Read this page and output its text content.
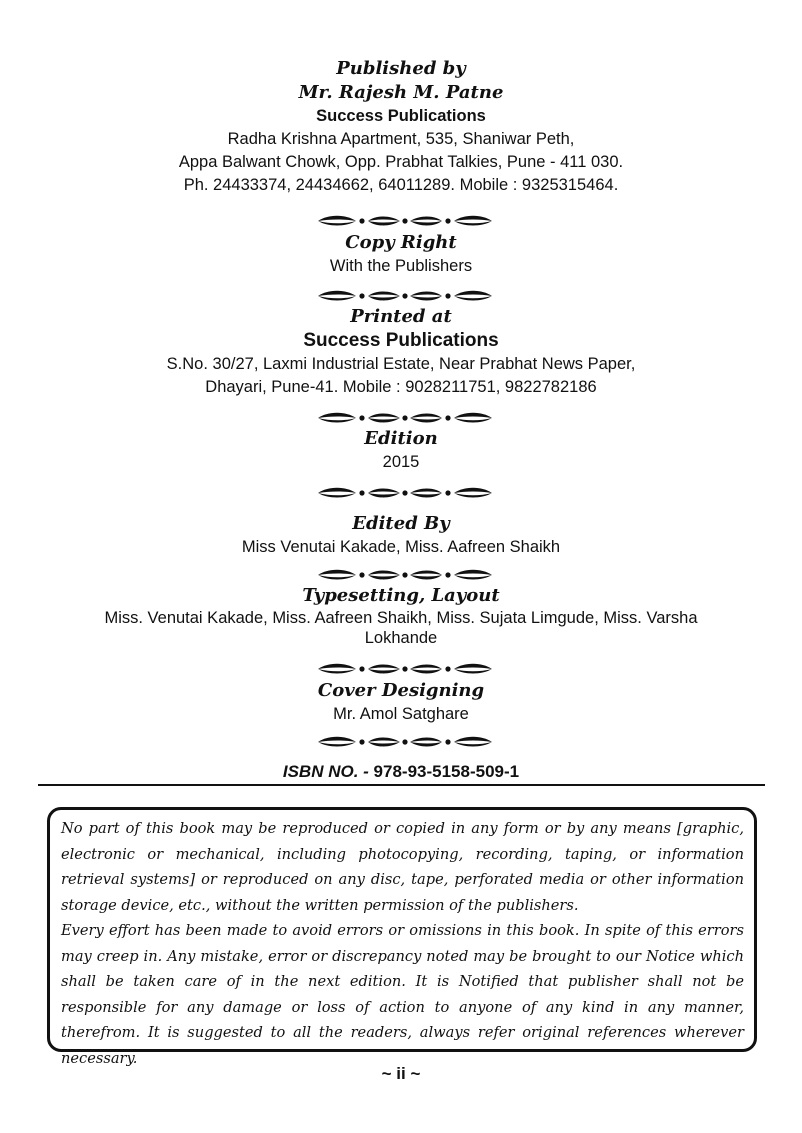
Published by
Mr. Rajesh M. Patne
Success Publications
Radha Krishna Apartment, 535, Shaniwar Peth,
Appa Balwant Chowk, Opp. Prabhat Talkies, Pune - 411 030.
Ph. 24433374, 24434662, 64011289. Mobile : 9325315464.
Copy Right
With the Publishers
Printed at
Success Publications
S.No. 30/27, Laxmi Industrial Estate, Near Prabhat News Paper,
Dhayari, Pune-41. Mobile : 9028211751, 9822782186
Edition
2015
Edited By
Miss Venutai Kakade, Miss. Aafreen Shaikh
Typesetting, Layout
Miss. Venutai Kakade, Miss. Aafreen Shaikh, Miss. Sujata Limgude, Miss. Varsha
Lokhande
Cover Designing
Mr. Amol Satghare
ISBN NO. - 978-93-5158-509-1

No part of this book may be reproduced or copied in any form or by any means [graphic, electronic or mechanical, including photocopying, recording, taping, or information retrieval systems] or reproduced on any disc, tape, perforated media or other information storage device, etc., without the written permission of the publishers.

Every effort has been made to avoid errors or omissions in this book. In spite of this errors may creep in. Any mistake, error or discrepancy noted may be brought to our Notice which shall be taken care of in the next edition. It is Notified that publisher shall not be responsible for any damage or loss of action to anyone of any kind in any manner, therefrom. It is suggested to all the readers, always refer original references wherever necessary.

~ ii ~
